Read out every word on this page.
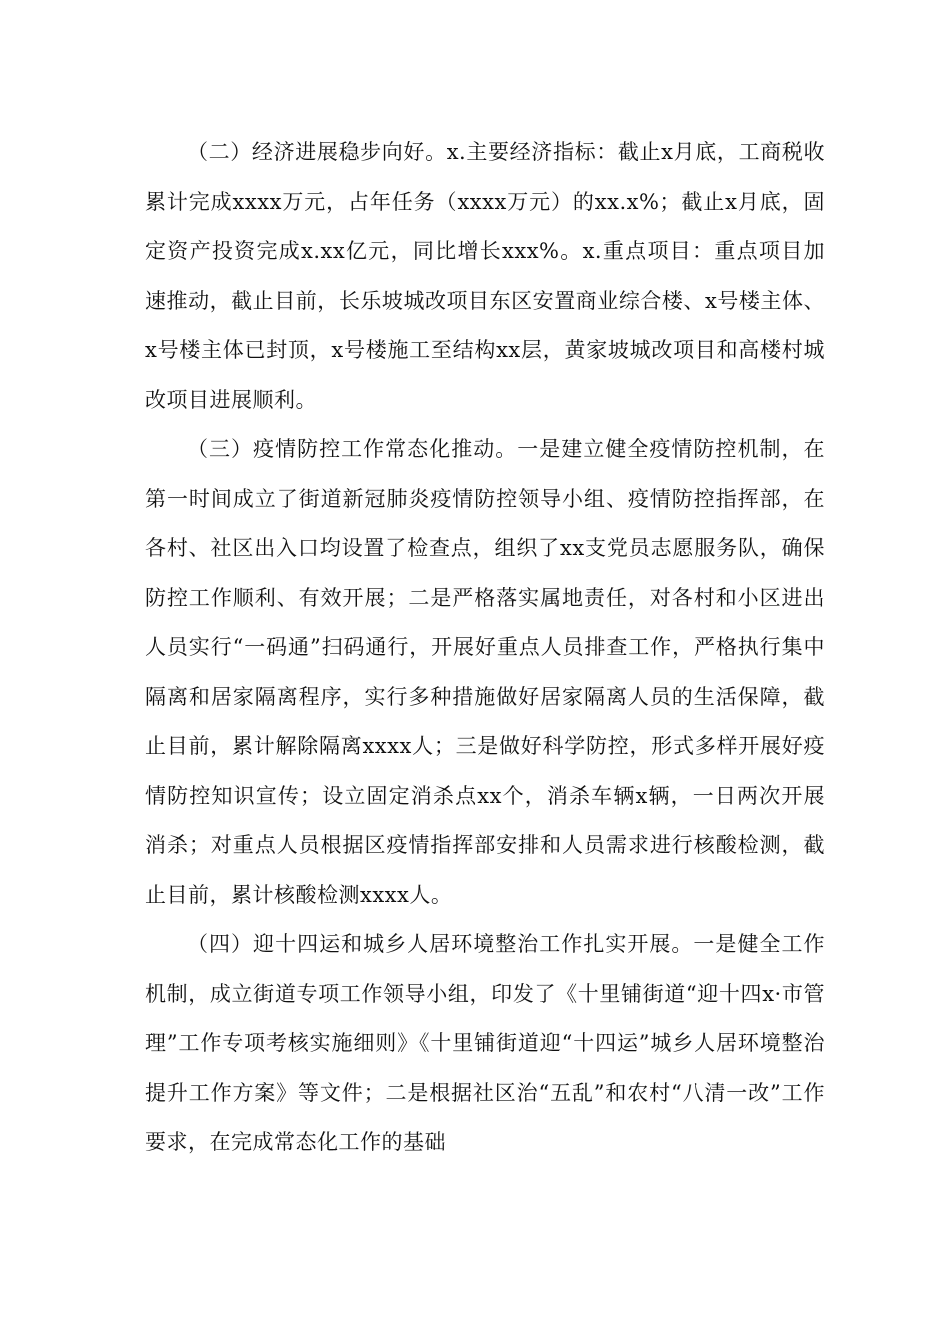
（二）经济进展稳步向好。x.主要经济指标：截止x月底，工商税收累计完成xxxx万元，占年任务（xxxx万元）的xx.x%；截止x月底，固定资产投资完成x.xx亿元，同比增长xxx%。x.重点项目：重点项目加速推动，截止目前，长乐坡城改项目东区安置商业综合楼、x号楼主体、x号楼主体已封顶，x号楼施工至结构xx层，黄家坡城改项目和高楼村城改项目进展顺利。

（三）疫情防控工作常态化推动。一是建立健全疫情防控机制，在第一时间成立了街道新冠肺炎疫情防控领导小组、疫情防控指挥部，在各村、社区出入口均设置了检查点，组织了xx支党员志愿服务队，确保防控工作顺利、有效开展；二是严格落实属地责任，对各村和小区进出人员实行“一码通”扫码通行，开展好重点人员排查工作，严格执行集中隔离和居家隔离程序，实行多种措施做好居家隔离人员的生活保障，截止目前，累计解除隔离xxxx人；三是做好科学防控，形式多样开展好疫情防控知识宣传；设立固定消杀点xx个，消杀车辆x辆，一日两次开展消杀；对重点人员根据区疫情指挥部安排和人员需求进行核酸检测，截止目前，累计核酸检测xxxx人。

（四）迎十四运和城乡人居环境整治工作扎实开展。一是健全工作机制，成立街道专项工作领导小组，印发了《十里铺街道“迎十四x·市管理”工作专项考核实施细则》《十里铺街道迎“十四运”城乡人居环境整治提升工作方案》等文件；二是根据社区治“五乱”和农村“八清一改”工作要求，在完成常态化工作的基础
